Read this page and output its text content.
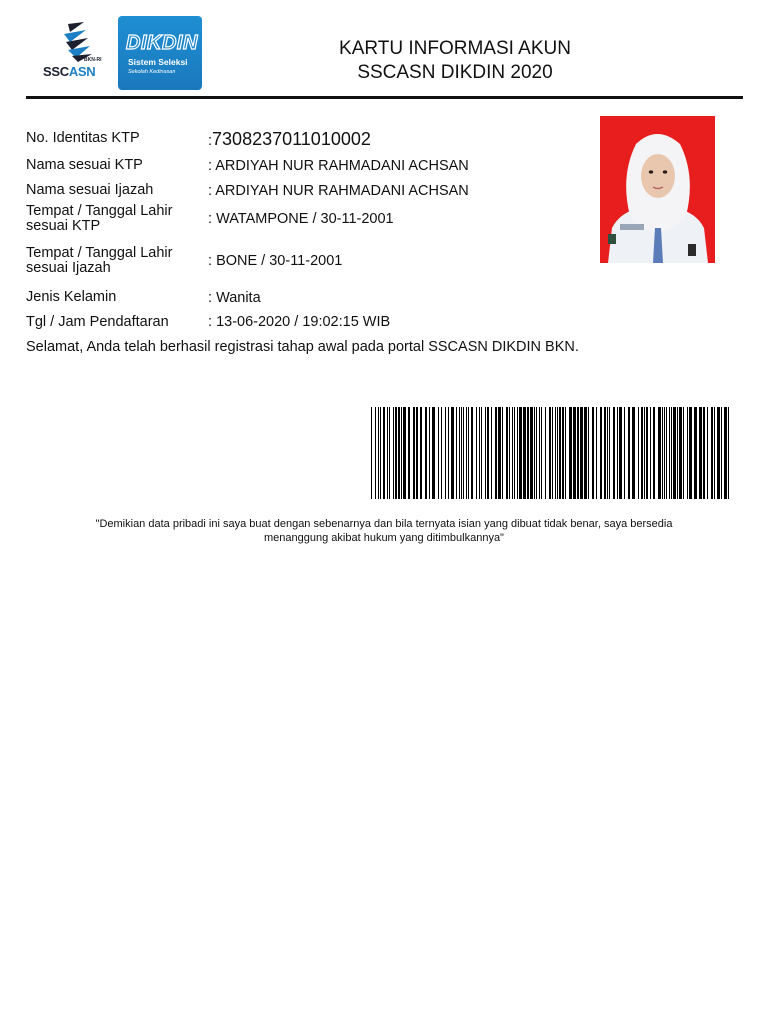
BKN-RI
SSCASN
DIKDIN
Sistem Seleksi
Sekolah Kedinasan
KARTU INFORMASI AKUN
SSCASN DIKDIN 2020
No. Identitas KTP	:7308237011010002
Nama sesuai KTP	: ARDIYAH NUR RAHMADANI ACHSAN
Nama sesuai Ijazah	: ARDIYAH NUR RAHMADANI ACHSAN
Tempat / Tanggal Lahir
sesuai KTP	: WATAMPONE / 30-11-2001
Tempat / Tanggal Lahir
sesuai Ijazah	: BONE / 30-11-2001
Jenis Kelamin	: Wanita
Tgl / Jam Pendaftaran	: 13-06-2020 / 19:02:15 WIB
Selamat, Anda telah berhasil registrasi tahap awal pada portal SSCASN DIKDIN BKN.
"Demikian data pribadi ini saya buat dengan sebenarnya dan bila ternyata isian yang dibuat tidak benar, saya bersedia
menanggung akibat hukum yang ditimbulkannya"
